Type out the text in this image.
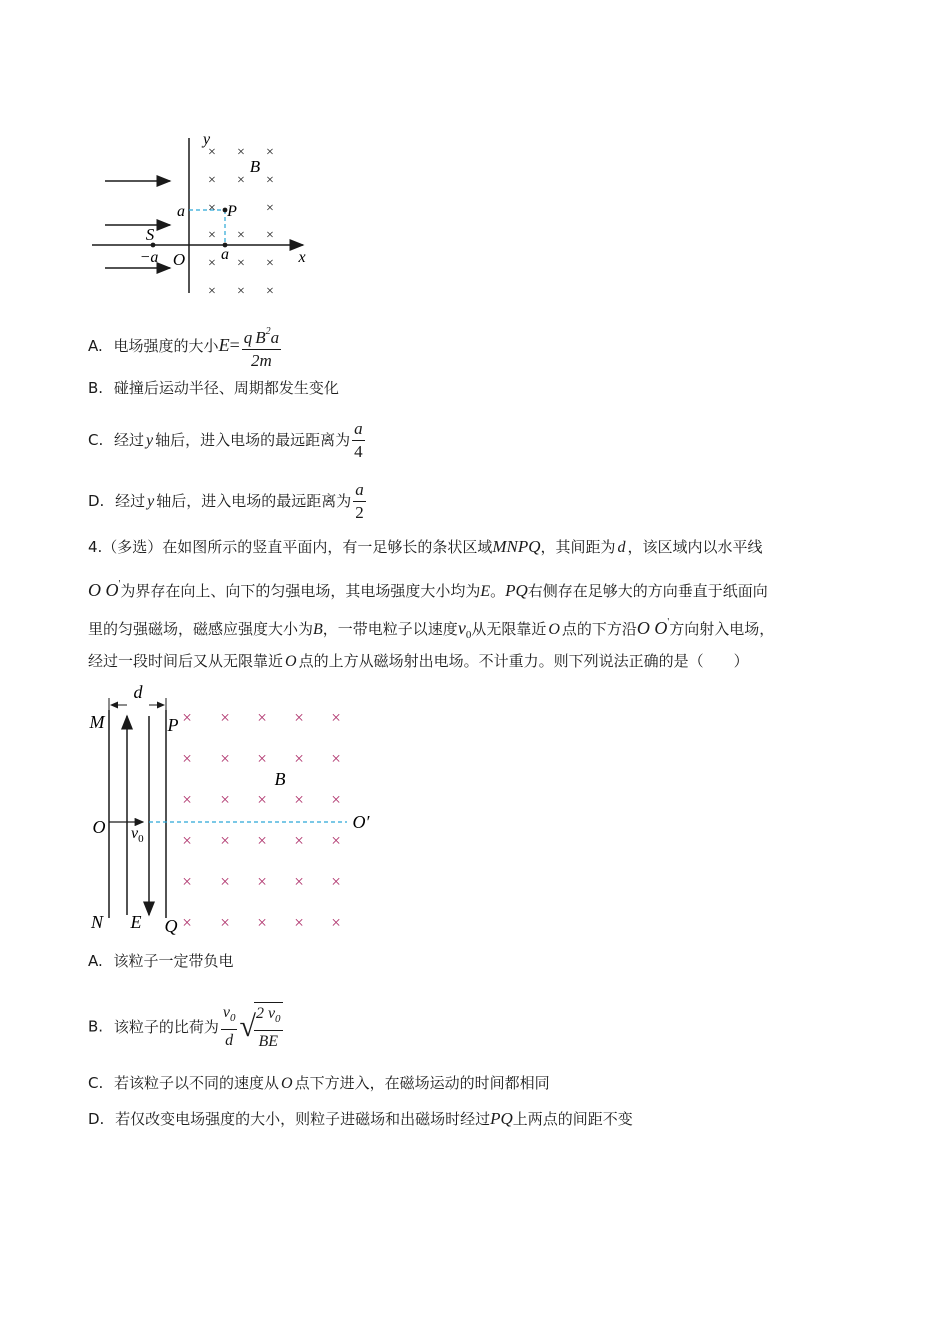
× × ×
× × ×
×	×
× × ×
× × ×
× × ×
y
B
a	P
S
−a O a	x
A. 电场强度的大小$E= \frac{q B^2a}{2m}$
B. 碰撞后运动半径、周期都发生变化
C. 经过 y 轴后，进入电场的最远距离为 $\frac{a}{4}$
D. 经过 y 轴后，进入电场的最远距离为 $\frac{a}{2}$
4.（多选）在如图所示的竖直平面内，有一足够长的条状区域MNPQ，其间距为 d ，该区域内以水平线
O O'为界存在向上、向下的匀强电场，其电场强度大小均为E。PQ右侧存在足够大的方向垂直于纸面向
里的匀强磁场，磁感应强度大小为B，一带电粒子以速度$v_0$从无限靠近 O 点的下方沿O O'方向射入电场，
经过一段时间后又从无限靠近 O 点的上方从磁场射出电场。不计重力。则下列说法正确的是（　　）
d
× × × × ×
× × × × ×
× × × × ×
× × × × ×
× × × × ×
× × × × ×
M	P
B
O	O′
$v_0$
N E Q
A. 该粒子一定带负电
B. 该粒子的比荷为 $\frac{v_0}{d}$ √
$\frac{2 v_0}{BE}$
C. 若该粒子以不同的速度从 O 点下方进入，在磁场运动的时间都相同
D. 若仅改变电场强度的大小，则粒子进磁场和出磁场时经过PQ上两点的间距不变
